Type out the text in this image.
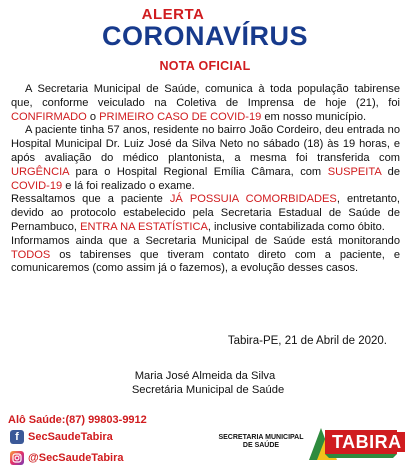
ALERTA
CORONAVÍRUS
NOTA OFICIAL

A Secretaria Municipal de Saúde, comunica à toda população tabirense que, conforme veiculado na Coletiva de Imprensa de hoje (21), foi CONFIRMADO o PRIMEIRO CASO DE COVID-19 em nosso município.

A paciente tinha 57 anos, residente no bairro João Cordeiro, deu entrada no Hospital Municipal Dr. Luiz José da Silva Neto no sábado (18) às 19 horas, e após avaliação do médico plantonista, a mesma foi transferida com URGÊNCIA para o Hospital Regional Emília Câmara, com SUSPEITA de COVID-19 e lá foi realizado o exame.

Ressaltamos que a paciente JÁ POSSUIA COMORBIDADES, entretanto, devido ao protocolo estabelecido pela Secretaria Estadual de Saúde de Pernambuco, ENTRA NA ESTATÍSTICA, inclusive contabilizada como óbito.

Informamos ainda que a Secretaria Municipal de Saúde está monitorando TODOS os tabirenses que tiveram contato direto com a paciente, e comunicaremos (como assim já o fazemos), a evolução desses casos.

Tabira-PE, 21 de Abril de 2020.
Maria José Almeida da Silva
Secretária Municipal de Saúde
Alô Saúde:(87) 99803-9912
f SecSaudeTabira
@SecSaudeTabira
SECRETARIA MUNICIPAL DE SAÚDE	TABIRA
